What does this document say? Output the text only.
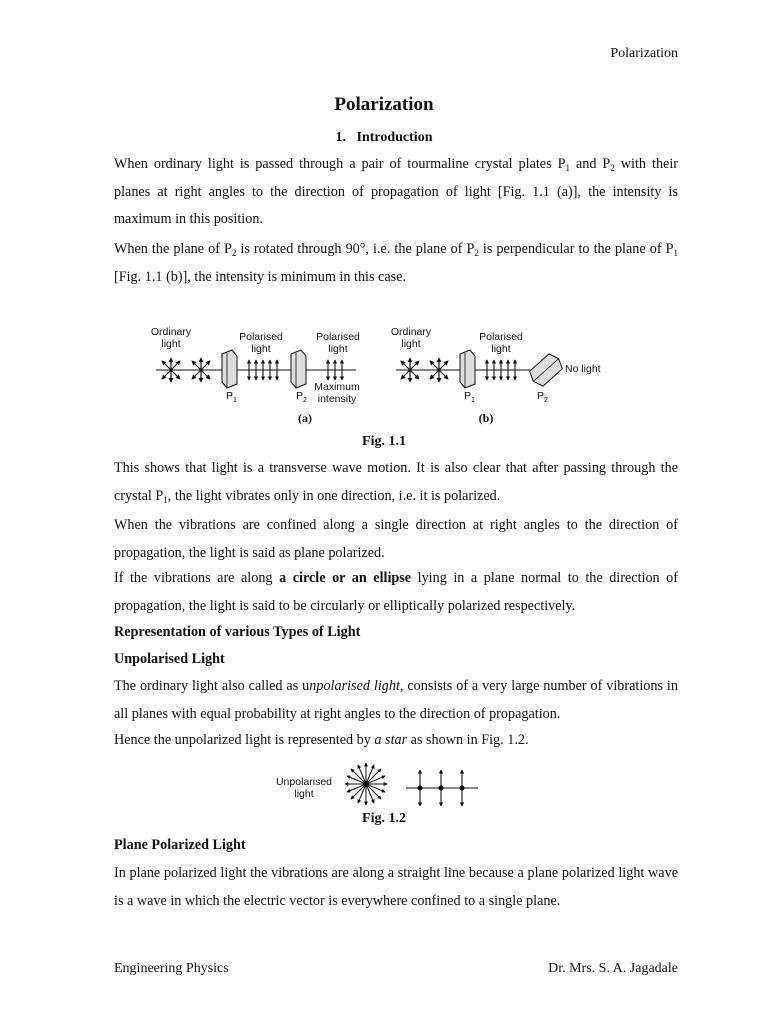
Polarization
Polarization
1. Introduction
When ordinary light is passed through a pair of tourmaline crystal plates $P_1$ and $P_2$ with their planes at right angles to the direction of propagation of light [Fig. 1.1 (a)], the intensity is maximum in this position.
When the plane of $P_2$ is rotated through 90°, i.e. the plane of $P_2$ is perpendicular to the plane of $P_1$ [Fig. 1.1 (b)], the intensity is minimum in this case.
Ordinary
light
$P_1$
Polarised
light
$P_2$
Polarised
light
Maximum
intensity
(a)
Ordinary
light
$P_1$
Polarised
light
No light
$P_2$
(b)
Fig. 1.1
This shows that light is a transverse wave motion. It is also clear that after passing through the crystal $P_1$, the light vibrates only in one direction, i.e. it is polarized.
When the vibrations are confined along a single direction at right angles to the direction of propagation, the light is said as plane polarized.
If the vibrations are along a circle or an ellipse lying in a plane normal to the direction of propagation, the light is said to be circularly or elliptically polarized respectively.
Representation of various Types of Light
Unpolarised Light
The ordinary light also called as unpolarised light, consists of a very large number of vibrations in all planes with equal probability at right angles to the direction of propagation.
Hence the unpolarized light is represented by a star as shown in Fig. 1.2.
Unpolarised
light
Fig. 1.2
Plane Polarized Light
In plane polarized light the vibrations are along a straight line because a plane polarized light wave is a wave in which the electric vector is everywhere confined to a single plane.
Engineering Physics	Dr. Mrs. S. A. Jagadale
